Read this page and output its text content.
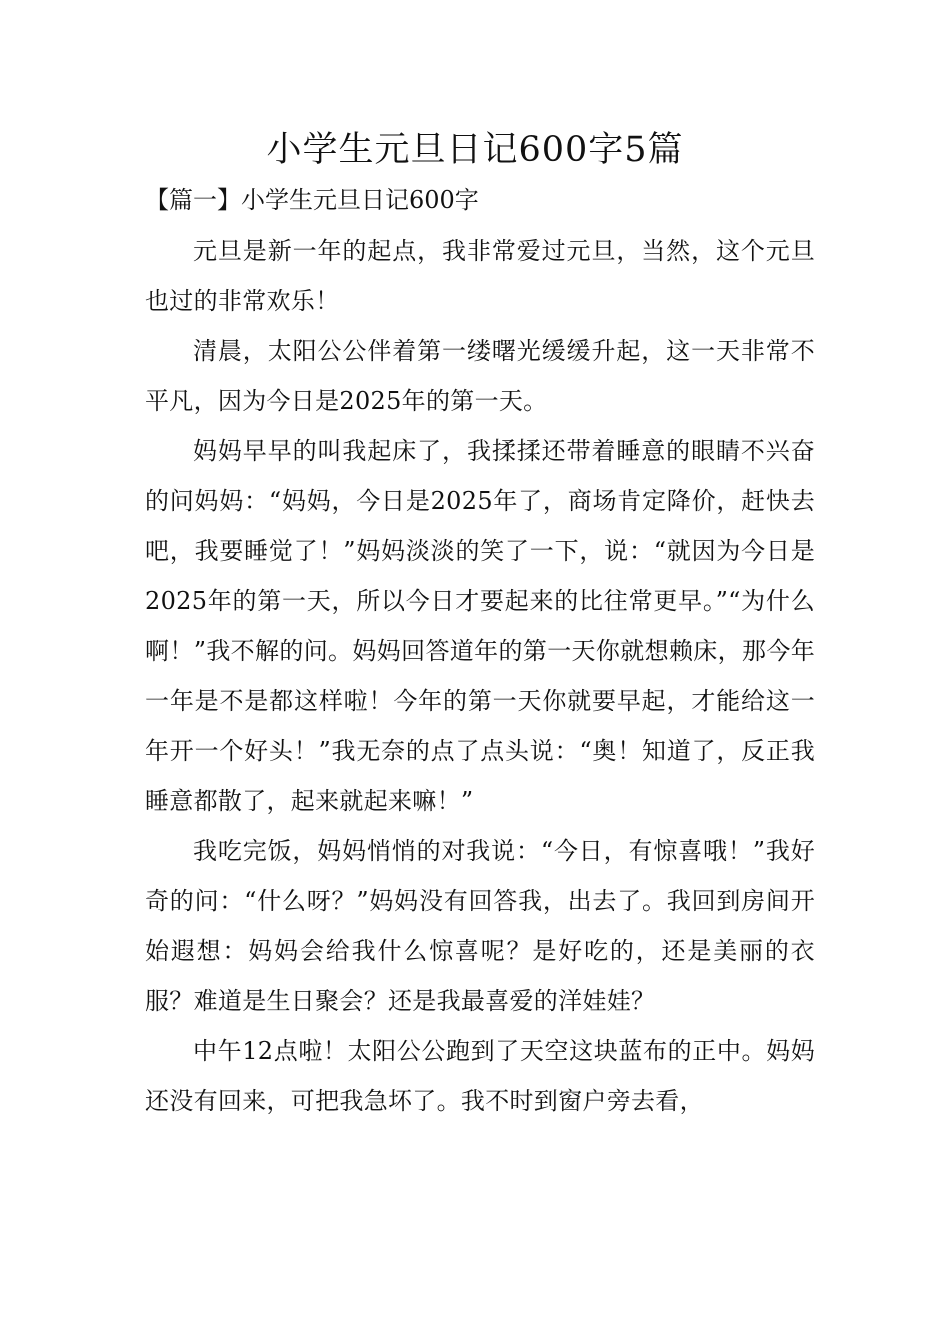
小学生元旦日记600字5篇
【篇一】小学生元旦日记600字

元旦是新一年的起点，我非常爱过元旦，当然，这个元旦也过的非常欢乐！

清晨，太阳公公伴着第一缕曙光缓缓升起，这一天非常不平凡，因为今日是2025年的第一天。

妈妈早早的叫我起床了，我揉揉还带着睡意的眼睛不兴奋的问妈妈：“妈妈，今日是2025年了，商场肯定降价，赶快去吧，我要睡觉了！”妈妈淡淡的笑了一下，说：“就因为今日是2025年的第一天，所以今日才要起来的比往常更早。”“为什么啊！”我不解的问。妈妈回答道年的第一天你就想赖床，那今年一年是不是都这样啦！今年的第一天你就要早起，才能给这一年开一个好头！”我无奈的点了点头说：“奥！知道了，反正我睡意都散了，起来就起来嘛！”

我吃完饭，妈妈悄悄的对我说：“今日，有惊喜哦！”我好奇的问：“什么呀？”妈妈没有回答我，出去了。我回到房间开始遐想：妈妈会给我什么惊喜呢？是好吃的，还是美丽的衣服？难道是生日聚会？还是我最喜爱的洋娃娃？

中午12点啦！太阳公公跑到了天空这块蓝布的正中。妈妈还没有回来，可把我急坏了。我不时到窗户旁去看，
